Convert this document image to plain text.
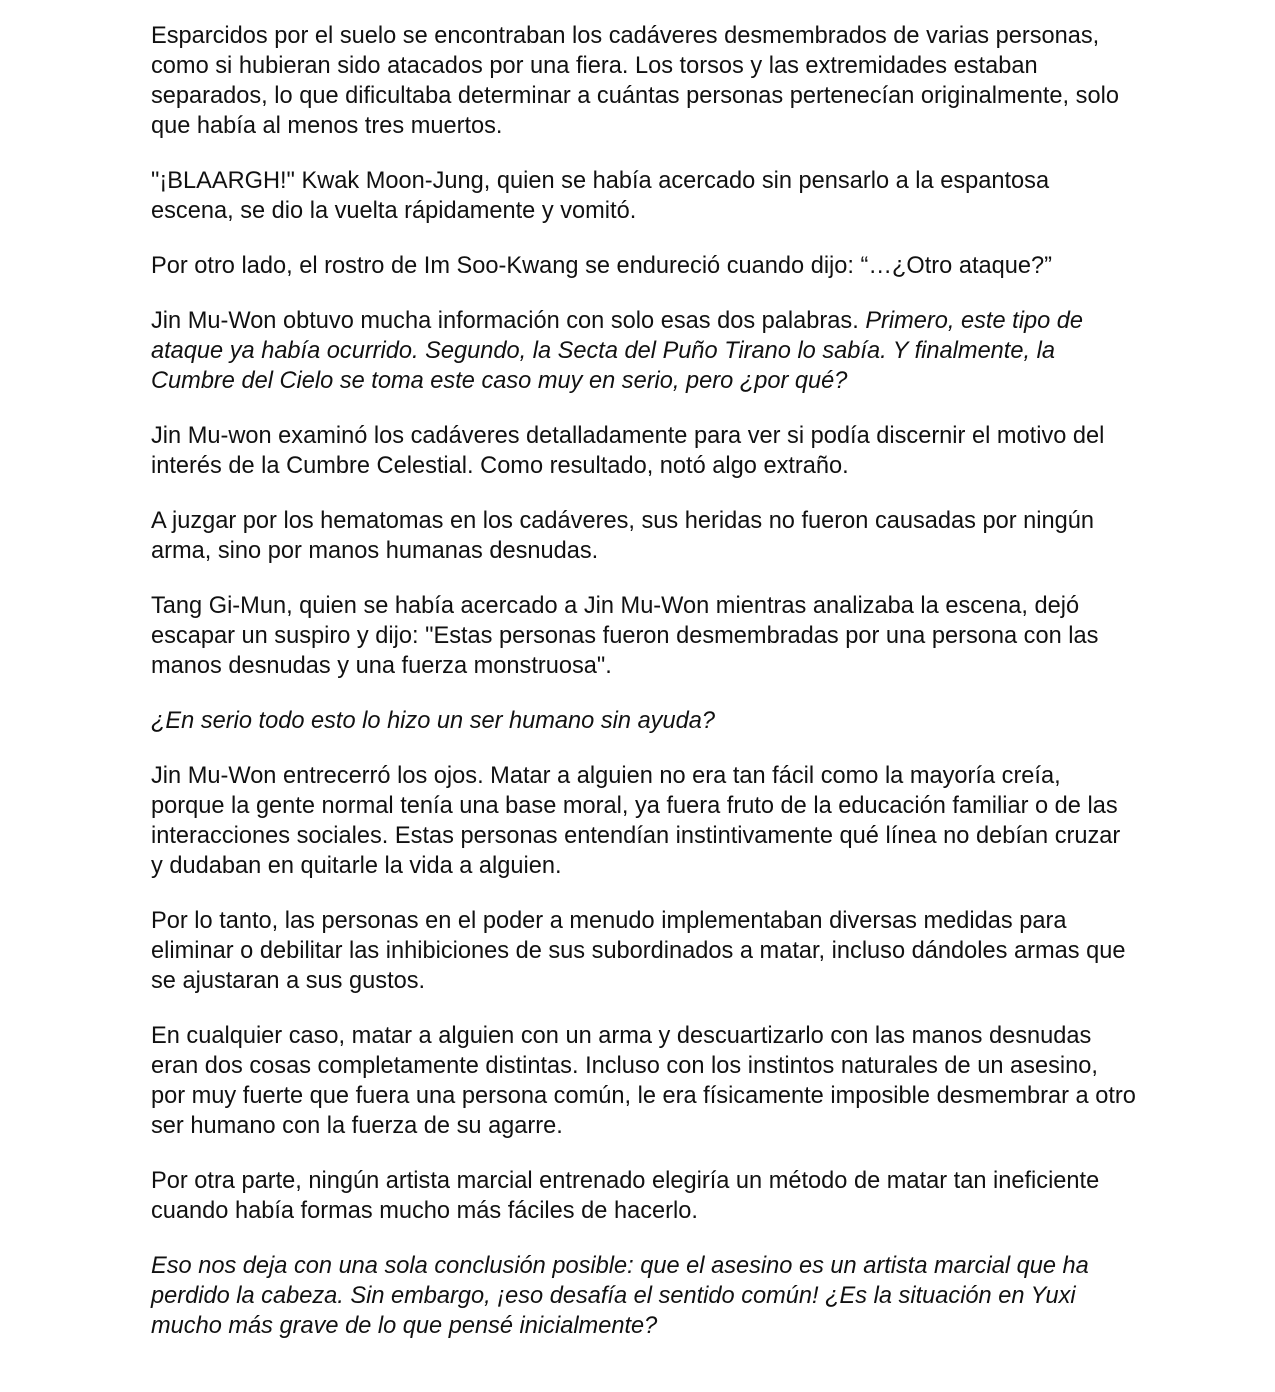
Esparcidos por el suelo se encontraban los cadáveres desmembrados de varias personas, como si hubieran sido atacados por una fiera. Los torsos y las extremidades estaban separados, lo que dificultaba determinar a cuántas personas pertenecían originalmente, solo que había al menos tres muertos.

"¡BLAARGH!" Kwak Moon-Jung, quien se había acercado sin pensarlo a la espantosa escena, se dio la vuelta rápidamente y vomitó.

Por otro lado, el rostro de Im Soo-Kwang se endureció cuando dijo: “…¿Otro ataque?”

Jin Mu-Won obtuvo mucha información con solo esas dos palabras. Primero, este tipo de ataque ya había ocurrido. Segundo, la Secta del Puño Tirano lo sabía. Y finalmente, la Cumbre del Cielo se toma este caso muy en serio, pero ¿por qué?

Jin Mu-won examinó los cadáveres detalladamente para ver si podía discernir el motivo del interés de la Cumbre Celestial. Como resultado, notó algo extraño.

A juzgar por los hematomas en los cadáveres, sus heridas no fueron causadas por ningún arma, sino por manos humanas desnudas.

Tang Gi-Mun, quien se había acercado a Jin Mu-Won mientras analizaba la escena, dejó escapar un suspiro y dijo: "Estas personas fueron desmembradas por una persona con las manos desnudas y una fuerza monstruosa".

¿En serio todo esto lo hizo un ser humano sin ayuda?

Jin Mu-Won entrecerró los ojos. Matar a alguien no era tan fácil como la mayoría creía, porque la gente normal tenía una base moral, ya fuera fruto de la educación familiar o de las interacciones sociales. Estas personas entendían instintivamente qué línea no debían cruzar y dudaban en quitarle la vida a alguien.

Por lo tanto, las personas en el poder a menudo implementaban diversas medidas para eliminar o debilitar las inhibiciones de sus subordinados a matar, incluso dándoles armas que se ajustaran a sus gustos.

En cualquier caso, matar a alguien con un arma y descuartizarlo con las manos desnudas eran dos cosas completamente distintas. Incluso con los instintos naturales de un asesino, por muy fuerte que fuera una persona común, le era físicamente imposible desmembrar a otro ser humano con la fuerza de su agarre.

Por otra parte, ningún artista marcial entrenado elegiría un método de matar tan ineficiente cuando había formas mucho más fáciles de hacerlo.

Eso nos deja con una sola conclusión posible: que el asesino es un artista marcial que ha perdido la cabeza. Sin embargo, ¡eso desafía el sentido común! ¿Es la situación en Yuxi mucho más grave de lo que pensé inicialmente?
